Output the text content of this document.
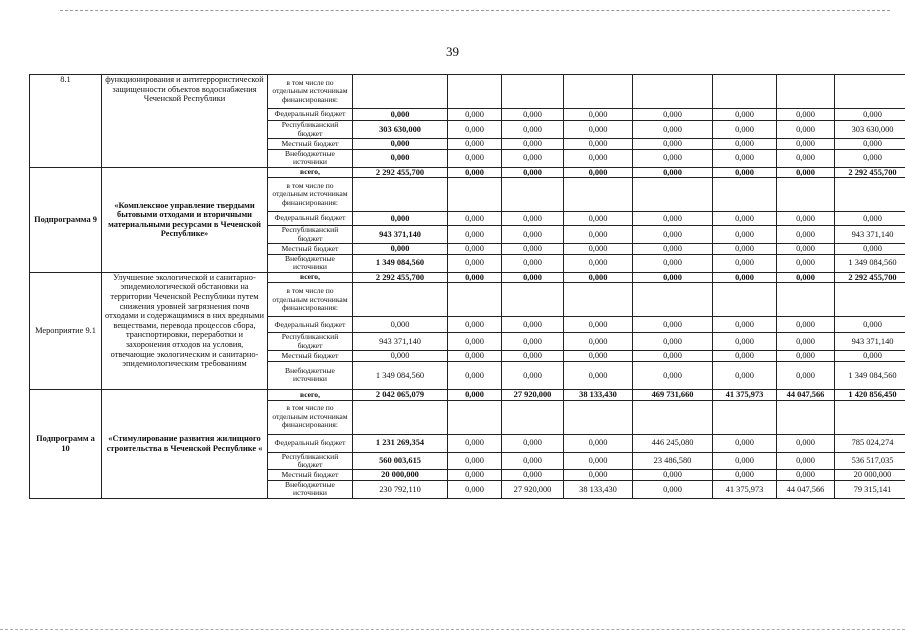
39
8.1	функционирования и антитеррористической защищенности объектов водоснабжения Чеченской Республики	в том числе по отдельным источникам финансирования:								
		Федеральный бюджет	0,000	0,000	0,000	0,000	0,000	0,000	0,000	0,000
		Республиканский бюджет	303 630,000	0,000	0,000	0,000	0,000	0,000	0,000	303 630,000
		Местный бюджет	0,000	0,000	0,000	0,000	0,000	0,000	0,000	0,000
		Внебюджетные источники	0,000	0,000	0,000	0,000	0,000	0,000	0,000	0,000
Подпрограмма 9	«Комплексное управление твердыми бытовыми отходами и вторичными материальными ресурсами в Чеченской Республике»	всего,	2 292 455,700	0,000	0,000	0,000	0,000	0,000	0,000	2 292 455,700
		в том числе по отдельным источникам финансирования:								
		Федеральный бюджет	0,000	0,000	0,000	0,000	0,000	0,000	0,000	0,000
		Республиканский бюджет	943 371,140	0,000	0,000	0,000	0,000	0,000	0,000	943 371,140
		Местный бюджет	0,000	0,000	0,000	0,000	0,000	0,000	0,000	0,000
		Внебюджетные источники	1 349 084,560	0,000	0,000	0,000	0,000	0,000	0,000	1 349 084,560
Мероприятие 9.1	Улучшение экологической и санитарно-эпидемиологической обстановки на территории Чеченской Республики путем снижения уровней загрязнения почв отходами и содержащимися в них вредными веществами, перевода процессов сбора, транспортировки, переработки и захоронения отходов на условия, отвечающие экологическим и санитарно-эпидемиологическим требованиям	всего,	2 292 455,700	0,000	0,000	0,000	0,000	0,000	0,000	2 292 455,700
		в том числе по отдельным источникам финансирования:								
		Федеральный бюджет	0,000	0,000	0,000	0,000	0,000	0,000	0,000	0,000
		Республиканский бюджет	943 371,140	0,000	0,000	0,000	0,000	0,000	0,000	943 371,140
		Местный бюджет	0,000	0,000	0,000	0,000	0,000	0,000	0,000	0,000
		Внебюджетные источники	1 349 084,560	0,000	0,000	0,000	0,000	0,000	0,000	1 349 084,560
Подпрограмм а 10	«Стимулирование развития жилищного строительства в Чеченской Республике «	всего,	2 042 065,079	0,000	27 920,000	38 133,430	469 731,660	41 375,973	44 047,566	1 420 856,450
		в том числе по отдельным источникам финансирования:								
		Федеральный бюджет	1 231 269,354	0,000	0,000	0,000	446 245,080	0,000	0,000	785 024,274
		Республиканский бюджет	560 003,615	0,000	0,000	0,000	23 486,580	0,000	0,000	536 517,035
		Местный бюджет	20 000,000	0,000	0,000	0,000	0,000	0,000	0,000	20 000,000
		Внебюджетные источники	230 792,110	0,000	27 920,000	38 133,430	0,000	41 375,973	44 047,566	79 315,141
